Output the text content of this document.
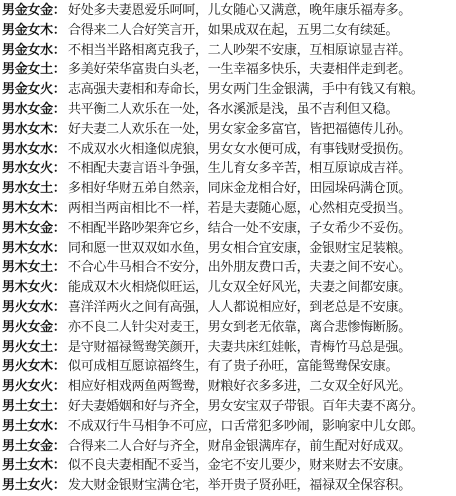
男金女金： 好处多夫妻恩爱乐呵呵，儿女随心又满意，晚年康乐福寿多。
男金女木： 合得来二人合好笑言开，如果成双在起，五男二女有续延。
男金女水： 不相当半路相离克我子，二人吵架不安康，互相原谅显吉祥。
男金女土： 多美好荣华富贵白头老，一生幸福多快乐，夫妻相伴走到老。
男金女火： 志高强夫妻相和寿命长，男女两门生金银满，手中有钱又有粮。
男水女金： 共平衡二人欢乐在一处，各水溪派是浅，虽不吉利但又稳。
男水女木： 好夫妻二人欢乐在一处，男女家金多富官，皆把福德传儿孙。
男水女水： 不成双水火相逢似虎狼，男女女水便可成，有事钱财受损伤。
男水女火： 不相配夫妻言语斗争强，生儿育女多辛苦，相互原谅成吉祥。
男水女土： 多相好华财五弟自然亲，同床金龙相合好，田园垛码满仓顶。
男木女木： 两相当两亩相比不一样，若是夫妻随心愿，心然相克受损当。
男木女金： 不相配半路吵架奔它乡，结合一处不安康，子女希少不妥伤。
男木女水： 同和愿一世双双如水鱼，男女相合宜安康，金银财宝足装粮。
男木女土： 不合心牛马相合不安分，出外朋友费口舌，夫妻之间不安心。
男木女火： 能成双木火相烧似旺运，儿女双全好风光，夫妻之间都安康。
男火女水： 喜洋洋两火之间有高强，人人都说相应好，到老总是不安康。
男火女金： 亦不良二人针尖对麦王，男女到老无依靠，离合悲惨悔断肠。
男火女土： 是守财福禄鸳鸯笑颜开，夫妻共床红娃帐，青梅竹马总是强。
男火女木： 似可成相互愿谅福终生，有了贵子孙旺，富能鸳鸯保安康。
男火女火： 相应好相戏两鱼两鸳鸯，财粮好衣多多进，二女双全好风光。
男土女土： 好夫妻婚姻和好与齐全，男女安宝双子带银。百年夫妻不离分。
男土女水： 不成双行牛马相争不可应，口舌常犯多吵闹，影响家中儿女郎。
男土女金： 合得来二人合好与齐全，财帛金银满库存，前生配对好成双。
男土女木： 似不良夫妻相配不妥当，金宅不安儿要少，财来财去不安康。
男土女火： 发大财金银财宝满仓宅，举开贵子贤孙旺，福禄双全保容积。
